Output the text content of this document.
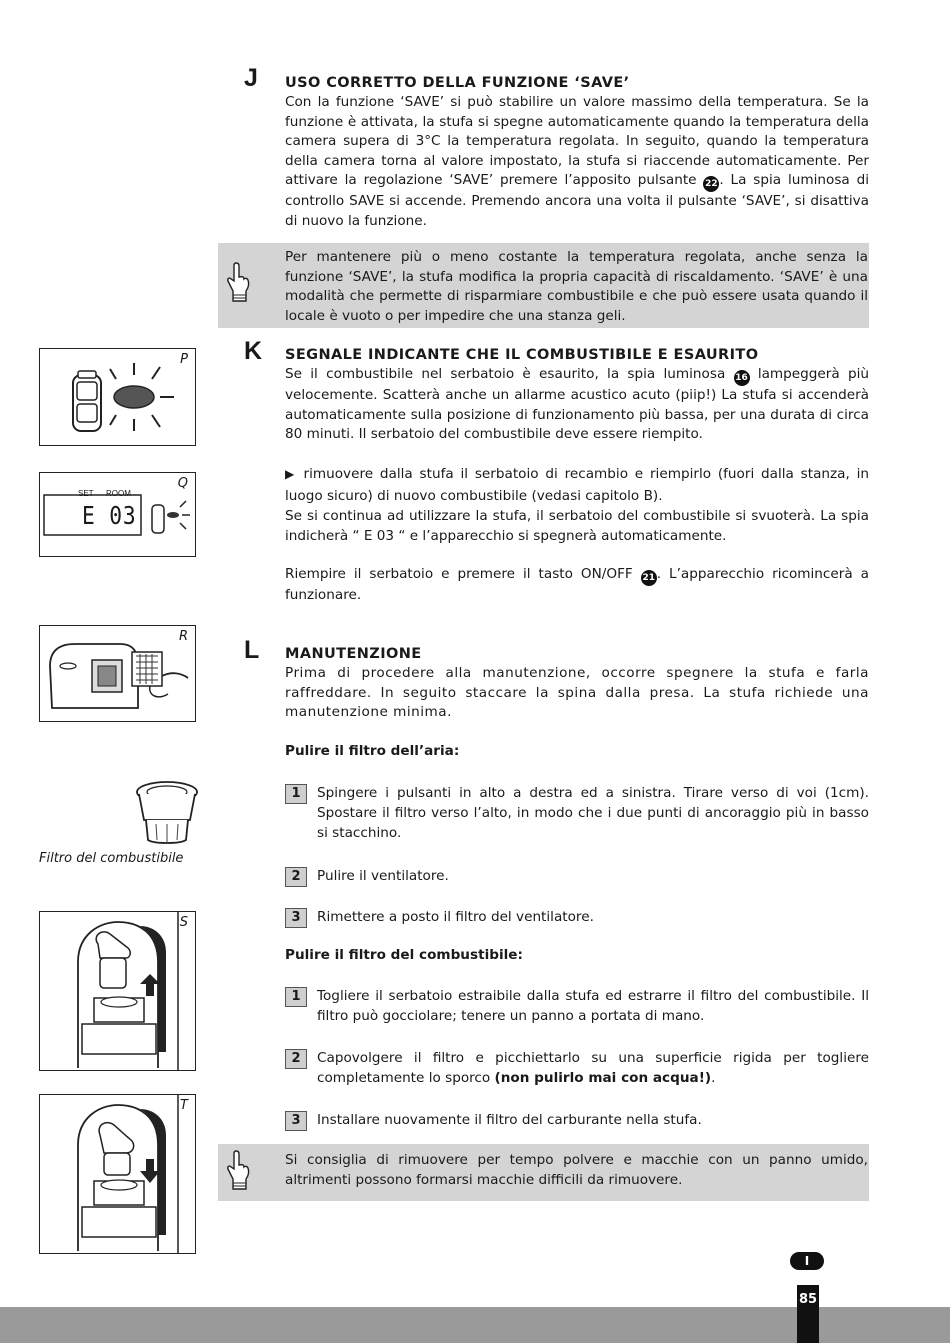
J USO CORRETTO DELLA FUNZIONE ‘SAVE’
Con la funzione ‘SAVE’ si può stabilire un valore massimo della temperatura. Se la funzione è attivata, la stufa si spegne automaticamente quando la temperatura della camera supera di 3°C la temperatura regolata. In seguito, quando la temperatura della camera torna al valore impostato, la stufa si riaccende automaticamente. Per attivare la regolazione ‘SAVE’ premere l’apposito pulsante 22 . La spia luminosa di controllo SAVE si accende. Premendo ancora una volta il pulsante ‘SAVE’, si disattiva di nuovo la funzione.
Per mantenere più o meno costante la temperatura regolata, anche senza la funzione ‘SAVE’, la stufa modifica la propria capacità di riscaldamento. ‘SAVE’ è una modalità che permette di risparmiare combustibile e che può essere usata quando il locale è vuoto o per impedire che una stanza geli.
K SEGNALE INDICANTE CHE IL COMBUSTIBILE E ESAURITO
Se il combustibile nel serbatoio è esaurito, la spia luminosa 16 lampeggerà più velocemente. Scatterà anche un allarme acustico acuto (piip!) La stufa si accenderà automaticamente sulla posizione di funzionamento più bassa, per una durata di circa 80 minuti. Il serbatoio del combustibile deve essere riempito.
▶ rimuovere dalla stufa il serbatoio di recambio e riempirlo (fuori dalla stanza, in luogo sicuro) di nuovo combustibile (vedasi capitolo B).
Se si continua ad utilizzare la stufa, il serbatoio del combustibile si svuoterà. La spia indicherà “ E 03 “ e l’apparecchio si spegnerà automaticamente.
Riempire il serbatoio e premere il tasto ON/OFF 21 . L’apparecchio ricomincerà a funzionare.
L MANUTENZIONE
Prima di procedere alla manutenzione, occorre spegnere la stufa e farla raffreddare. In seguito staccare la spina dalla presa. La stufa richiede una manutenzione minima.
Pulire il filtro dell’aria:
1	Spingere i pulsanti in alto a destra ed a sinistra. Tirare verso di voi (1cm). Spostare il filtro verso l’alto, in modo che i due punti di ancoraggio più in basso si stacchino.
2	Pulire il ventilatore.
3	Rimettere a posto il filtro del ventilatore.
Pulire il filtro del combustibile:
1	Togliere il serbatoio estraibile dalla stufa ed estrarre il filtro del combustibile. Il filtro può gocciolare; tenere un panno a portata di mano.
2	Capovolgere il filtro e picchiettarlo su una superficie rigida per togliere completamente lo sporco (non pulirlo mai con acqua!).
3	Installare nuovamente il filtro del carburante nella stufa.
Si consiglia di rimuovere per tempo polvere e macchie con un panno umido, altrimenti possono formarsi macchie difficili da rimuovere.
P
Q
SET ROOM
E 03
R
Filtro del combustibile
S
T
I
85
